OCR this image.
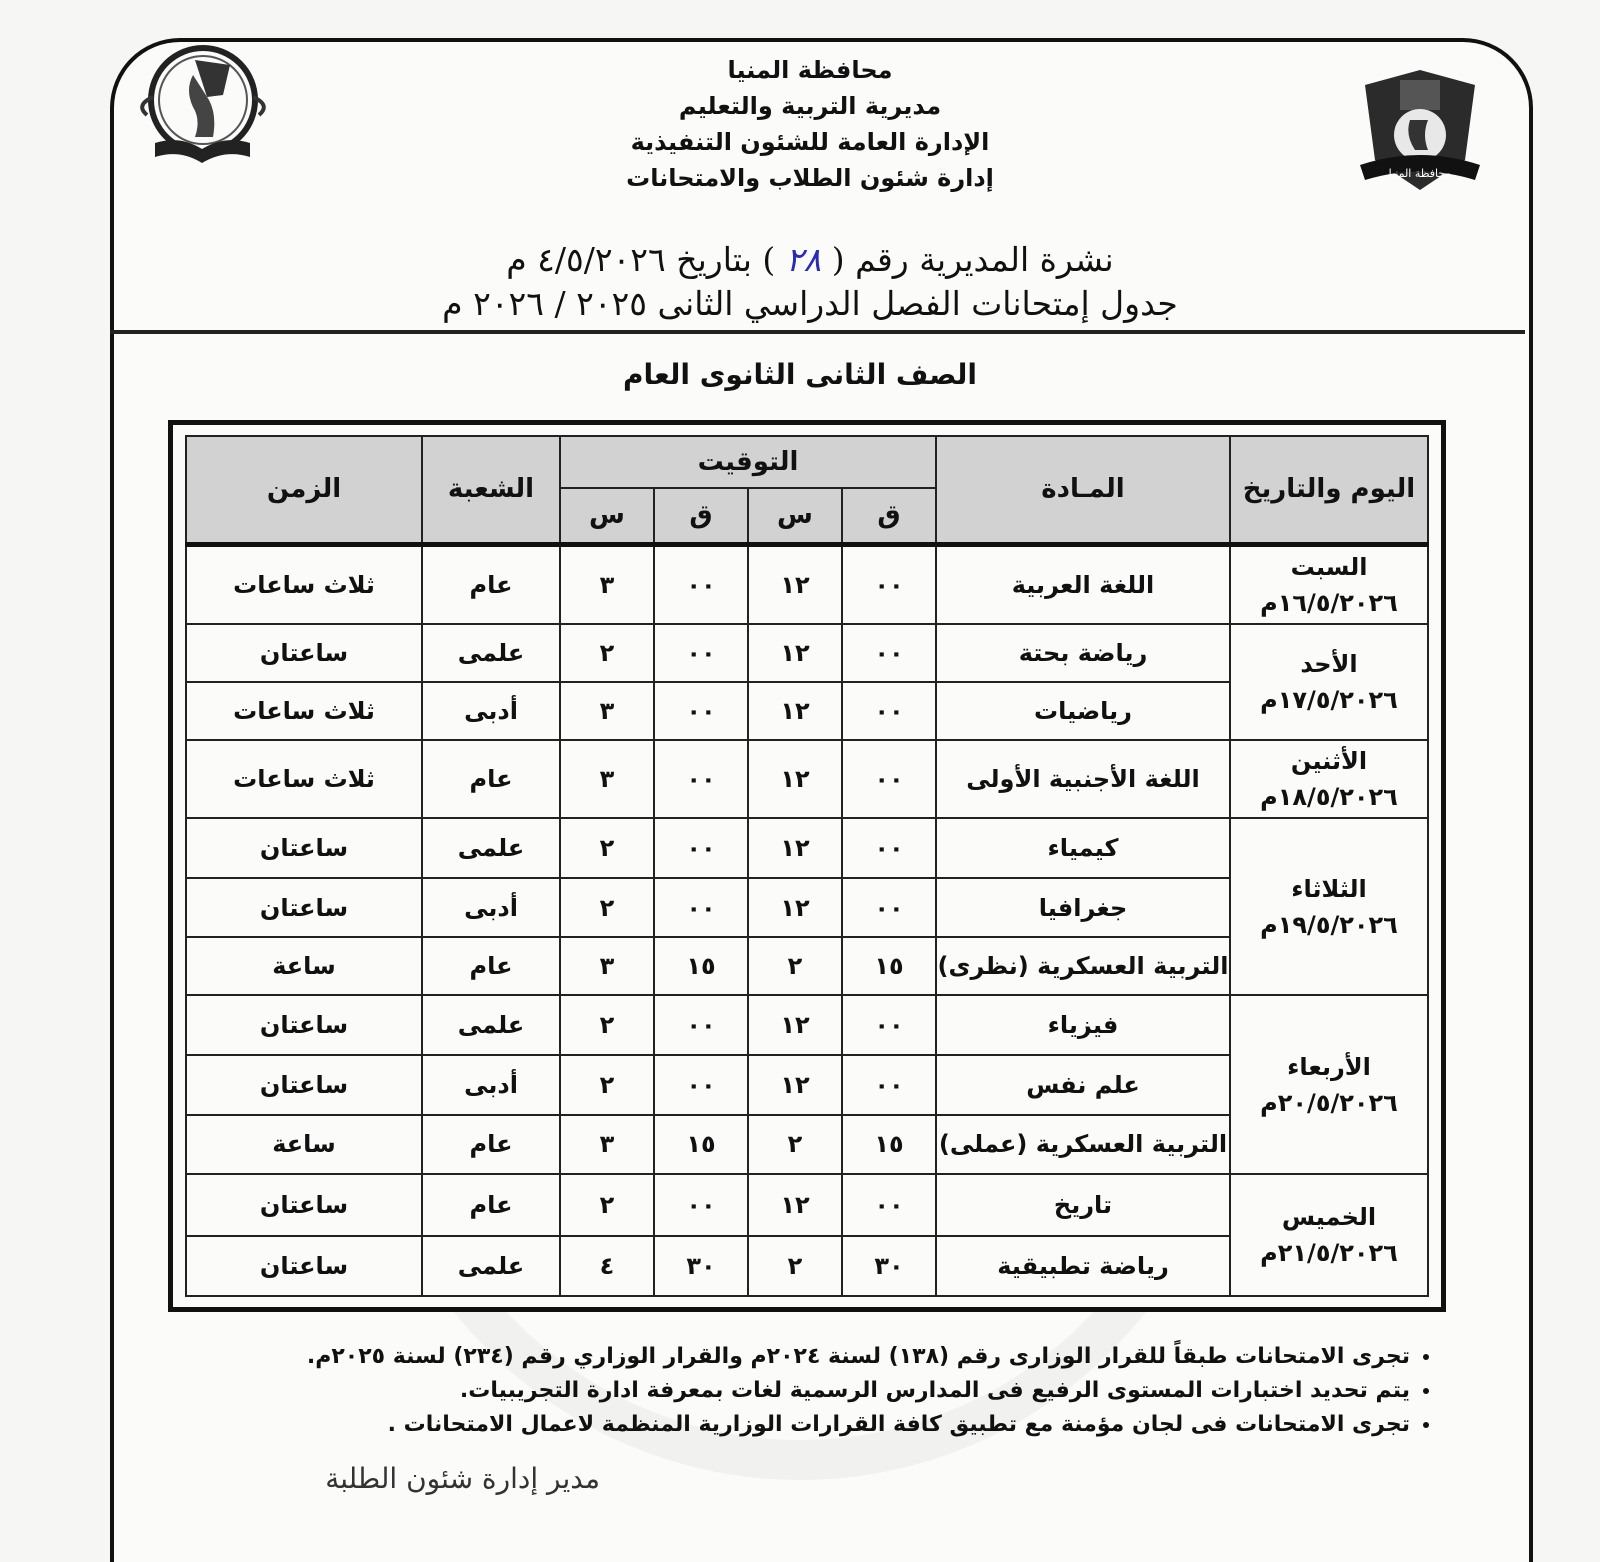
محافظة المنيا
محافظة المنيا
مديرية التربية والتعليم
الإدارة العامة للشئون التنفيذية
إدارة شئون الطلاب والامتحانات
نشرة المديرية رقم ( ٢٨ ) بتاريخ ٤/٥/٢٠٢٦ م
جدول إمتحانات الفصل الدراسي الثانى ٢٠٢٥ / ٢٠٢٦ م
الصف الثانى الثانوى العام
اليوم والتاريخ	المـادة	التوقيت				الشعبة	الزمن
		ق	س	ق	س		

السبت
١٦/٥/٢٠٢٦م	اللغة العربية	٠٠	١٢	٠٠	٣	عام	ثلاث ساعات

الأحد
١٧/٥/٢٠٢٦م	رياضة بحتة	٠٠	١٢	٠٠	٢	علمى	ساعتان
	رياضيات	٠٠	١٢	٠٠	٣	أدبى	ثلاث ساعات

الأثنين
١٨/٥/٢٠٢٦م	اللغة الأجنبية الأولى	٠٠	١٢	٠٠	٣	عام	ثلاث ساعات

الثلاثاء
١٩/٥/٢٠٢٦م	كيمياء	٠٠	١٢	٠٠	٢	علمى	ساعتان
	جغرافيا	٠٠	١٢	٠٠	٢	أدبى	ساعتان
	التربية العسكرية (نظرى)	١٥	٢	١٥	٣	عام	ساعة

الأربعاء
٢٠/٥/٢٠٢٦م	فيزياء	٠٠	١٢	٠٠	٢	علمى	ساعتان
	علم نفس	٠٠	١٢	٠٠	٢	أدبى	ساعتان
	التربية العسكرية (عملى)	١٥	٢	١٥	٣	عام	ساعة

الخميس
٢١/٥/٢٠٢٦م	تاريخ	٠٠	١٢	٠٠	٢	عام	ساعتان
	رياضة تطبيقية	٣٠	٢	٣٠	٤	علمى	ساعتان
• تجرى الامتحانات طبقاً للقرار الوزارى رقم (١٣٨) لسنة ٢٠٢٤م والقرار الوزاري رقم (٢٣٤) لسنة ٢٠٢٥م.
• يتم تحديد اختبارات المستوى الرفيع فى المدارس الرسمية لغات بمعرفة ادارة التجريبيات.
• تجرى الامتحانات فى لجان مؤمنة مع تطبيق كافة القرارات الوزارية المنظمة لاعمال الامتحانات .
مدير إدارة شئون الطلبة
